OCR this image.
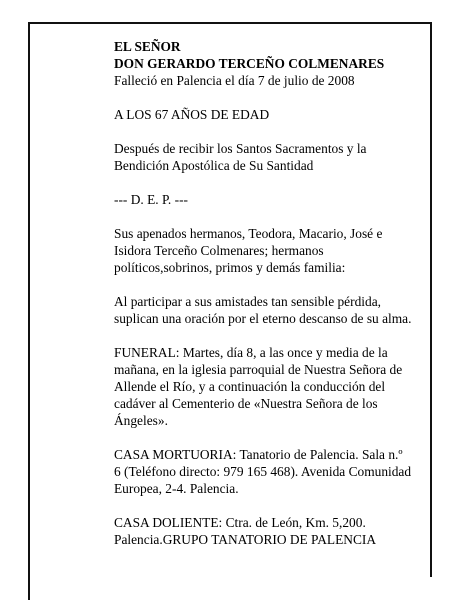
EL SEÑOR

DON GERARDO TERCEÑO COLMENARES

Falleció en Palencia el día 7 de julio de 2008

A LOS 67 AÑOS DE EDAD

Después de recibir los Santos Sacramentos y la

Bendición Apostólica de Su Santidad

--- D. E. P. ---

Sus apenados hermanos, Teodora, Macario, José e

Isidora Terceño Colmenares; hermanos

políticos,sobrinos, primos y demás familia:

Al participar a sus amistades tan sensible pérdida,

suplican una oración por el eterno descanso de su alma.

FUNERAL: Martes, día 8, a las once y media de la

mañana, en la iglesia parroquial de Nuestra Señora de

Allende el Río, y a continuación la conducción del

cadáver al Cementerio de «Nuestra Señora de los

Ángeles».

CASA MORTUORIA: Tanatorio de Palencia. Sala n.º

6 (Teléfono directo: 979 165 468). Avenida Comunidad

Europea, 2-4. Palencia.

CASA DOLIENTE: Ctra. de León, Km. 5,200.

Palencia.GRUPO TANATORIO DE PALENCIA
